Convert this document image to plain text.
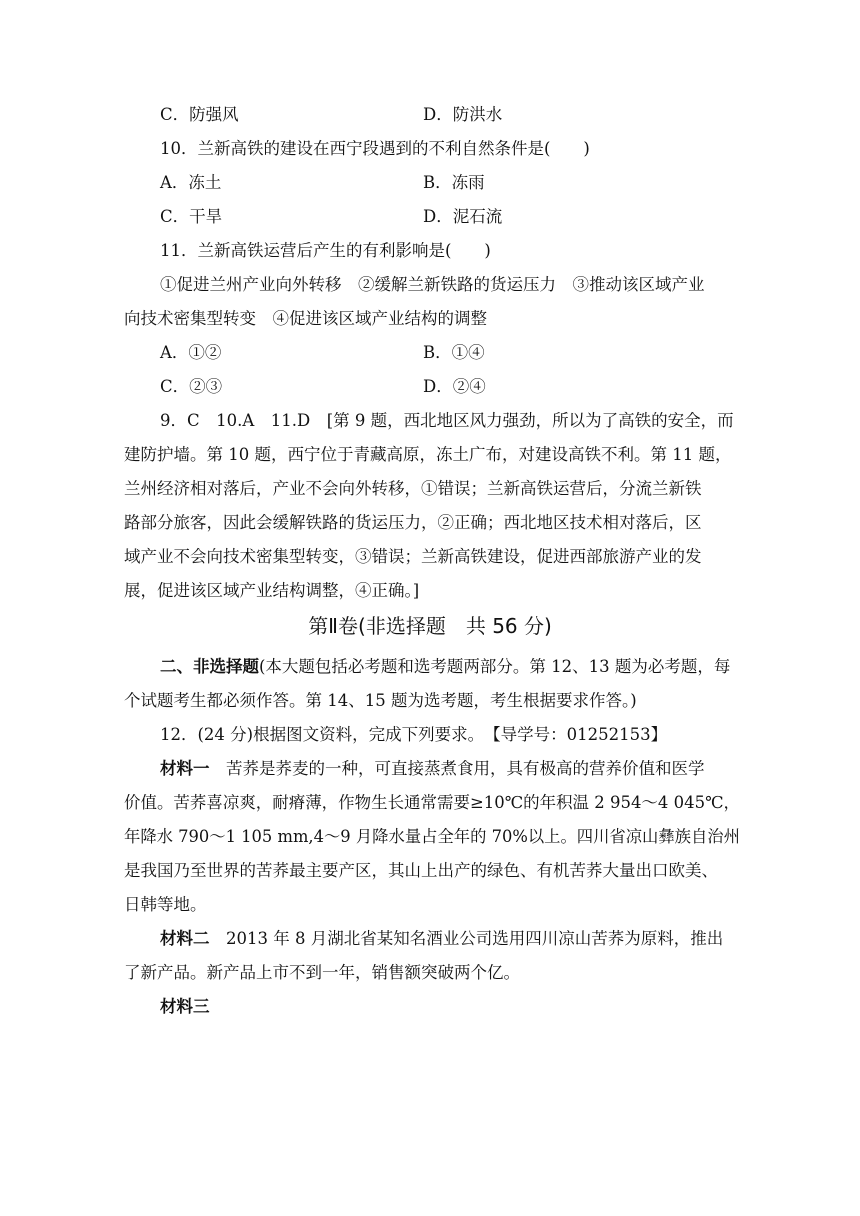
C．防强风	D．防洪水
10．兰新高铁的建设在西宁段遇到的不利自然条件是(　　)
A．冻土	B．冻雨
C．干旱	D．泥石流
11．兰新高铁运营后产生的有利影响是(　　)
①促进兰州产业向外转移　②缓解兰新铁路的货运压力　③推动该区域产业
向技术密集型转变　④促进该区域产业结构的调整
A．①②	B．①④
C．②③	D．②④
9．C　10.A　11.D　[第 9 题，西北地区风力强劲，所以为了高铁的安全，而
建防护墙。第 10 题，西宁位于青藏高原，冻土广布，对建设高铁不利。第 11 题，
兰州经济相对落后，产业不会向外转移，①错误；兰新高铁运营后，分流兰新铁
路部分旅客，因此会缓解铁路的货运压力，②正确；西北地区技术相对落后，区
域产业不会向技术密集型转变，③错误；兰新高铁建设，促进西部旅游产业的发
展，促进该区域产业结构调整，④正确。]
第Ⅱ卷(非选择题　共 56 分)
二、非选择题(本大题包括必考题和选考题两部分。第 12、13 题为必考题，每
个试题考生都必须作答。第 14、15 题为选考题，考生根据要求作答。)
12．(24 分)根据图文资料，完成下列要求。　【导学号：01252153】
材料一　苦荞是荞麦的一种，可直接蒸煮食用，具有极高的营养价值和医学
价值。苦荞喜凉爽，耐瘠薄，作物生长通常需要≥10℃的年积温 2 954～4 045℃，
年降水 790～1 105 mm,4～9 月降水量占全年的 70%以上。四川省凉山彝族自治州
是我国乃至世界的苦荞最主要产区，其山上出产的绿色、有机苦荞大量出口欧美、
日韩等地。
材料二　2013 年 8 月湖北省某知名酒业公司选用四川凉山苦荞为原料，推出
了新产品。新产品上市不到一年，销售额突破两个亿。
材料三
